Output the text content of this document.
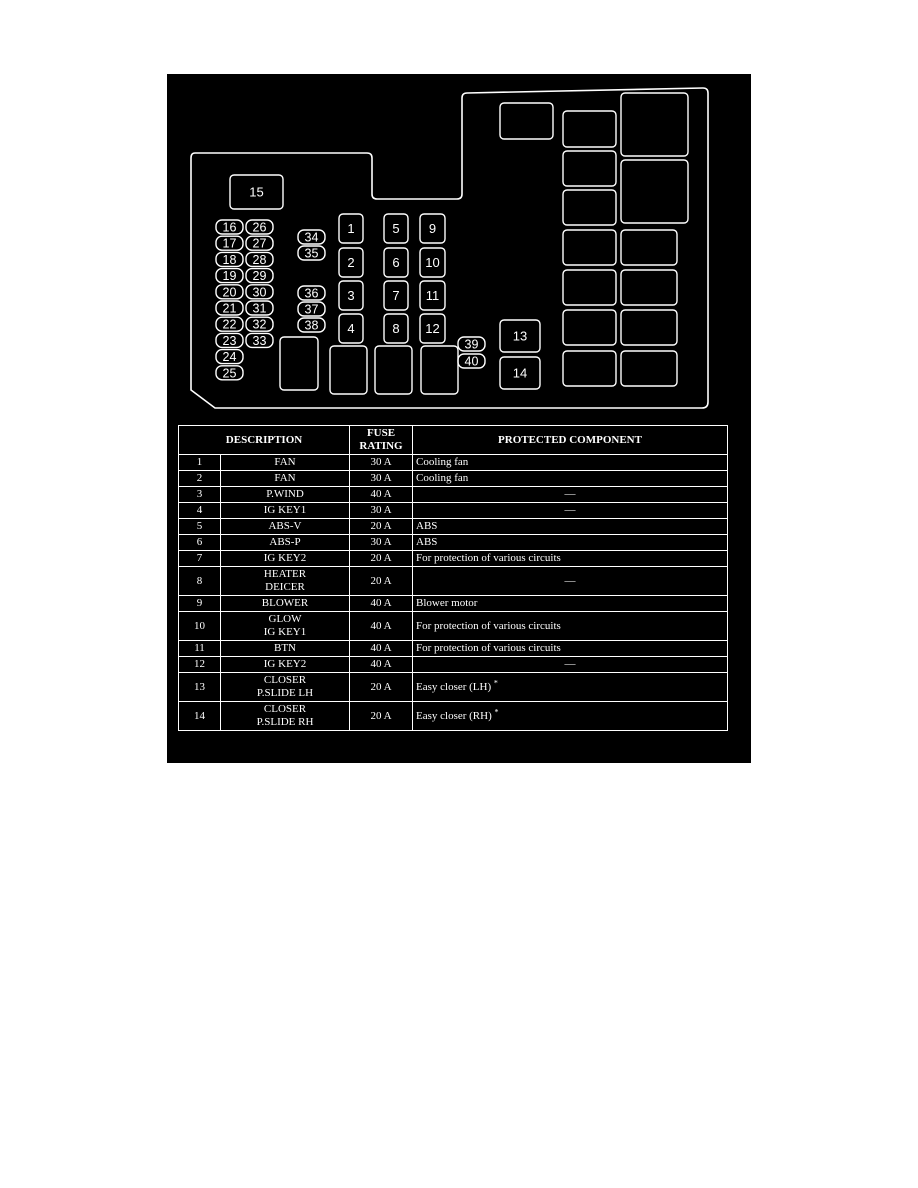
15
1
2
3
4
5
6
7
8
9
10
11
12	13
14
16
17
18
19
20
21
22
23
24
25
26
27
28
29
30
31
32
33
34
35
36
37
38
39
40
DESCRIPTION		FUSE
RATING	PROTECTED COMPONENT
1	FAN	30 A	Cooling fan
2	FAN	30 A	Cooling fan
3	P.WIND	40 A	—
4	IG KEY1	30 A	—
5	ABS-V	20 A	ABS
6	ABS-P	30 A	ABS
7	IG KEY2	20 A	For protection of various circuits
8	HEATER
DEICER	20 A	—
9	BLOWER	40 A	Blower motor
10	GLOW
IG KEY1	40 A	For protection of various circuits
11	BTN	40 A	For protection of various circuits
12	IG KEY2	40 A	—
13	CLOSER
P.SLIDE LH	20 A	Easy closer (LH) *
14	CLOSER
P.SLIDE RH	20 A	Easy closer (RH) *
